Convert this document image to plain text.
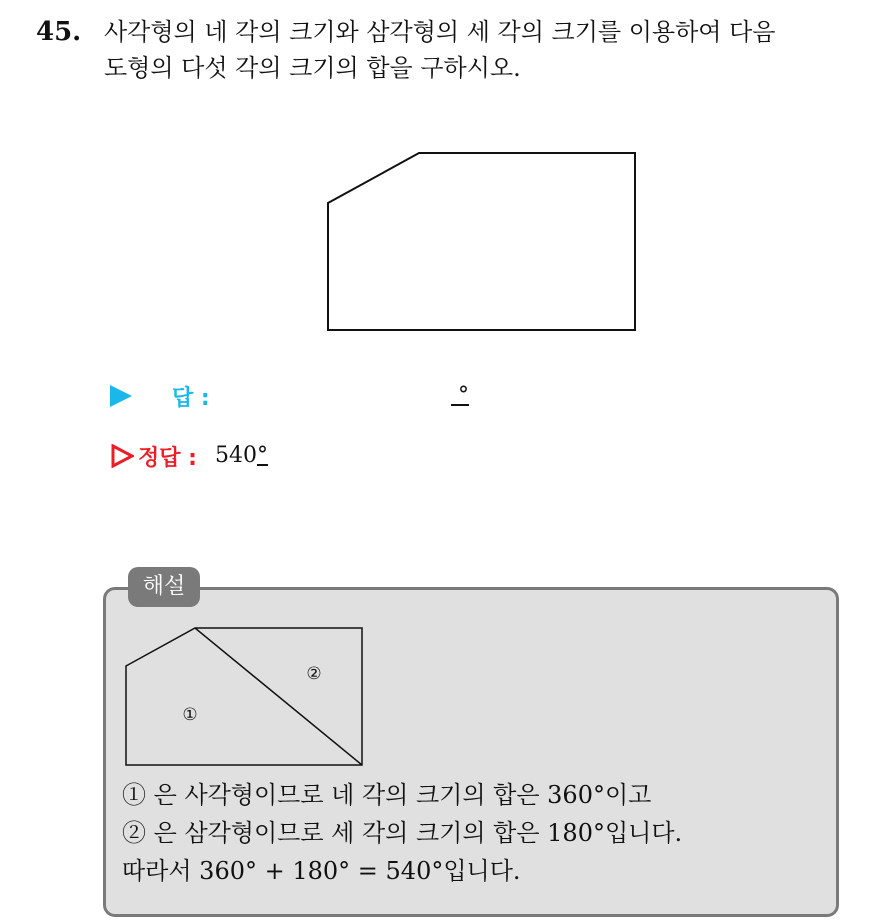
45. 사각형의 네 각의 크기와 삼각형의 세 각의 크기를 이용하여 다음
도형의 다섯 각의 크기의 합을 구하시오.
답 :	°
정답 : 540°
해설
①
②
① 은 사각형이므로 네 각의 크기의 합은 360°이고
② 은 삼각형이므로 세 각의 크기의 합은 180°입니다.
따라서 360° + 180° = 540°입니다.
